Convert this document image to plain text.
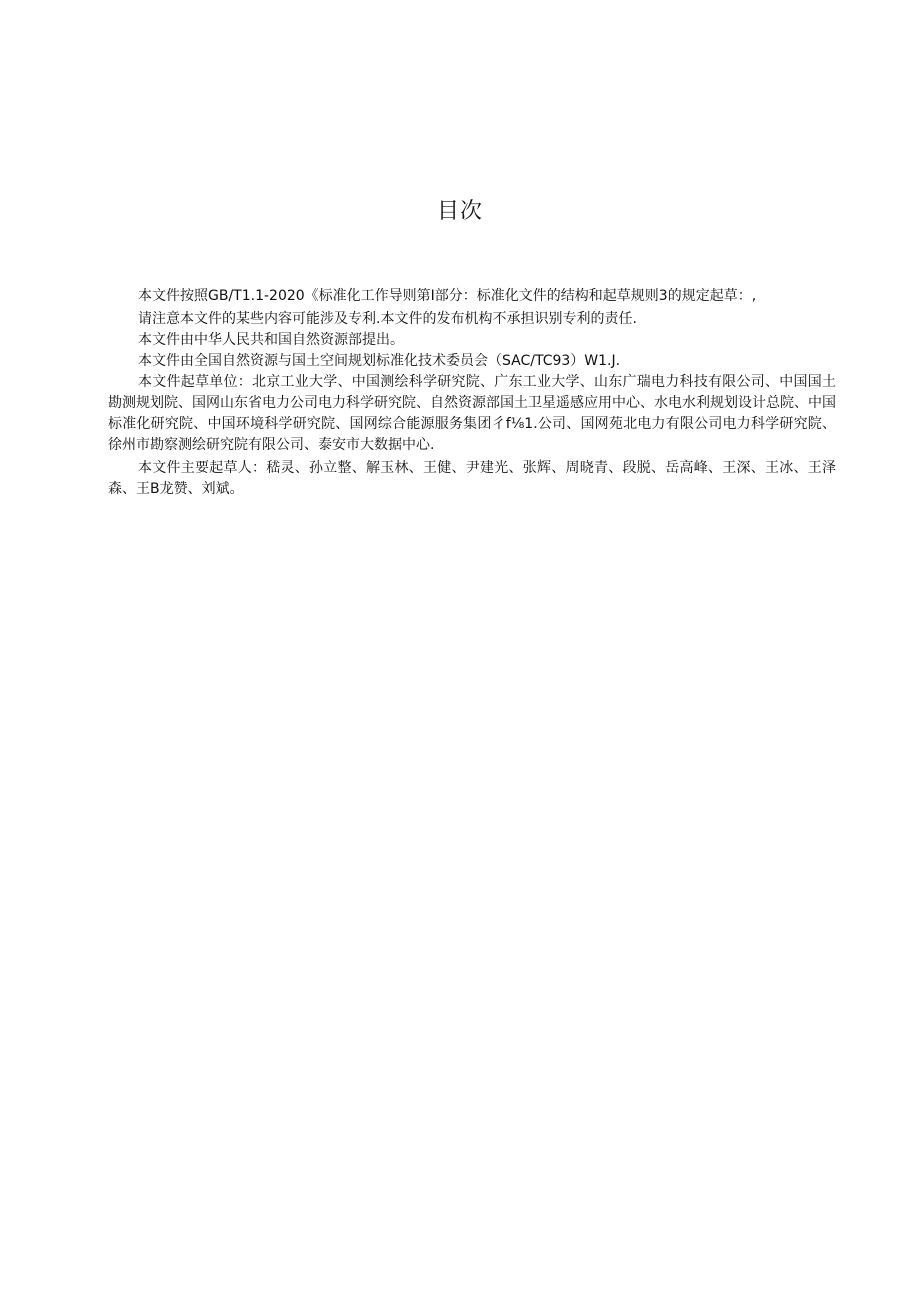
目次

本文件按照GB/T1.1-2020《标准化工作导则第I部分：标准化文件的结构和起草规则3的规定起草：,

请注意本文件的某些内容可能涉及专利.本文件的发布机构不承担识别专利的责任.

本文件由中华人民共和国自然资源部提出。

本文件由全国自然资源与国土空间规划标准化技术委员会（SAC/TC93）W1.J.

本文件起草单位：北京工业大学、中国测绘科学研究院、广东工业大学、山东广瑞电力科技有限公司、中国国土勘测规划院、国网山东省电力公司电力科学研究院、自然资源部国土卫星遥感应用中心、水电水利规划设计总院、中国标准化研究院、中国环境科学研究院、国网综合能源服务集团彳f⅛1.公司、国网苑北电力有限公司电力科学研究院、徐州市勘察测绘研究院有限公司、泰安市大数据中心.

本文件主要起草人：嵇灵、孙立整、解玉林、王健、尹建光、张辉、周晓青、段脱、岳高峰、王深、王冰、王泽森、王B龙赞、刘斌。
